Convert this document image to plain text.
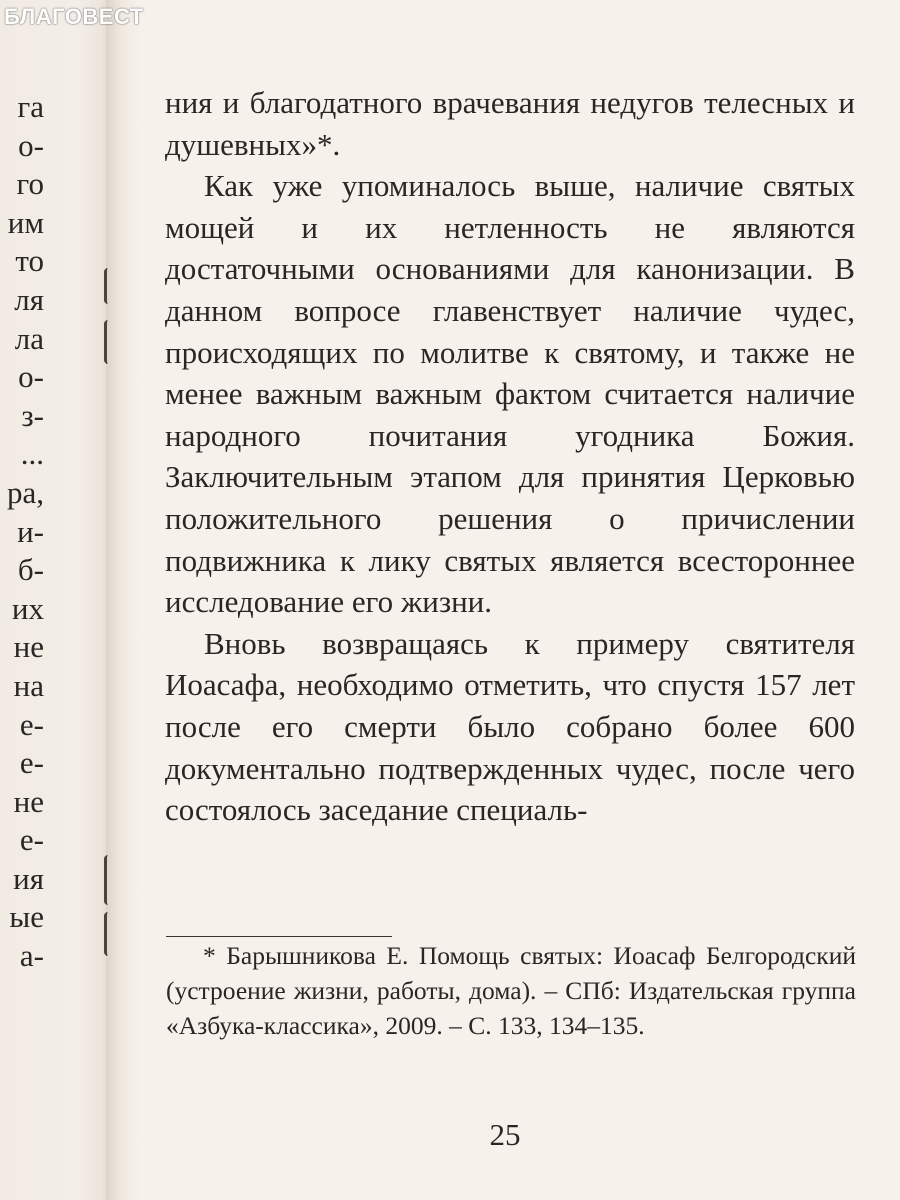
БЛАГОВЕСТ
га
о-
го
им
то
ля
ла
о-
з-
...
ра,
и-
б-
их
не
на
е-
е-
не
е-
ия
ые
а-

ния и благодатного врачевания недугов телесных и душевных»*.

Как уже упоминалось выше, наличие святых мощей и их нетленность не являются достаточными основаниями для канонизации. В данном вопросе главенствует наличие чудес, происходящих по молитве к святому, и также не менее важным важным фактом считается наличие народного почитания угодника Божия. Заключительным этапом для принятия Церковью положительного решения о причислении подвижника к лику святых является всестороннее исследование его жизни.

Вновь возвращаясь к примеру святителя Иоасафа, необходимо отметить, что спустя 157 лет после его смерти было собрано более 600 документально подтвержденных чудес, после чего состоялось заседание специаль-

* Барышникова Е. Помощь святых: Иоасаф Белгородский (устроение жизни, работы, дома). – СПб: Издательская группа «Азбука-классика», 2009. – С. 133, 134–135.

25
